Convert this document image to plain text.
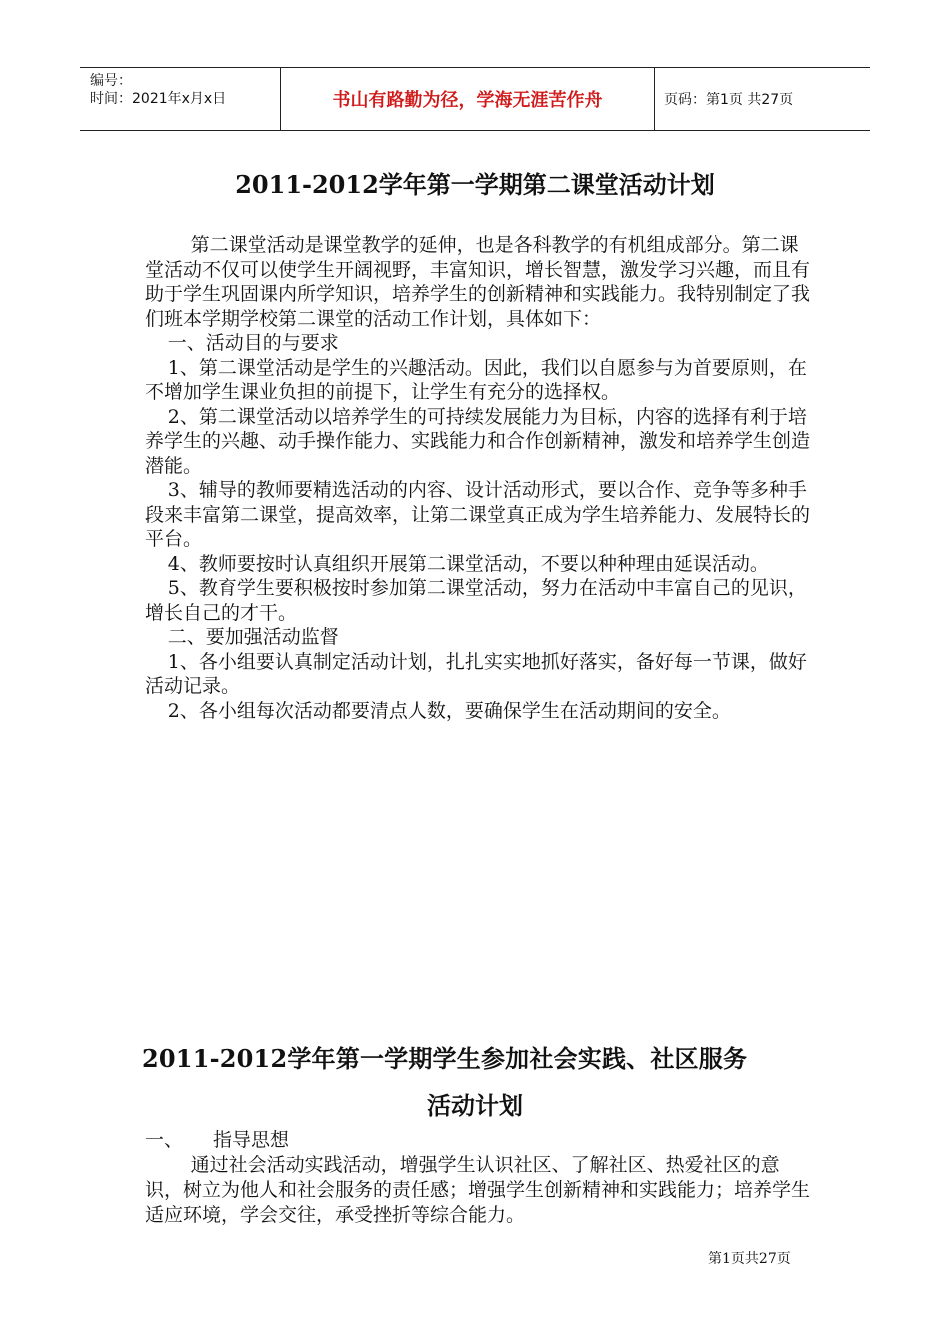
编号：
时间：2021年x月x日	书山有路勤为径，学海无涯苦作舟	页码：第1页 共27页
2011-2012学年第一学期第二课堂活动计划

第二课堂活动是课堂教学的延伸，也是各科教学的有机组成部分。第二课堂活动不仅可以使学生开阔视野，丰富知识，增长智慧，激发学习兴趣，而且有助于学生巩固课内所学知识，培养学生的创新精神和实践能力。我特别制定了我们班本学期学校第二课堂的活动工作计划，具体如下：

一、活动目的与要求

1、第二课堂活动是学生的兴趣活动。因此，我们以自愿参与为首要原则，在不增加学生课业负担的前提下，让学生有充分的选择权。

2、第二课堂活动以培养学生的可持续发展能力为目标，内容的选择有利于培养学生的兴趣、动手操作能力、实践能力和合作创新精神，激发和培养学生创造潜能。

3、辅导的教师要精选活动的内容、设计活动形式，要以合作、竞争等多种手段来丰富第二课堂，提高效率，让第二课堂真正成为学生培养能力、发展特长的平台。

4、教师要按时认真组织开展第二课堂活动，不要以种种理由延误活动。

5、教育学生要积极按时参加第二课堂活动，努力在活动中丰富自己的见识，增长自己的才干。

二、要加强活动监督

1、各小组要认真制定活动计划，扎扎实实地抓好落实，备好每一节课，做好活动记录。

2、各小组每次活动都要清点人数，要确保学生在活动期间的安全。

2011-2012学年第一学期学生参加社会实践、社区服务
活动计划

一、 指导思想

通过社会活动实践活动，增强学生认识社区、了解社区、热爱社区的意识，树立为他人和社会服务的责任感；增强学生创新精神和实践能力；培养学生适应环境，学会交往，承受挫折等综合能力。

第1页共27页
